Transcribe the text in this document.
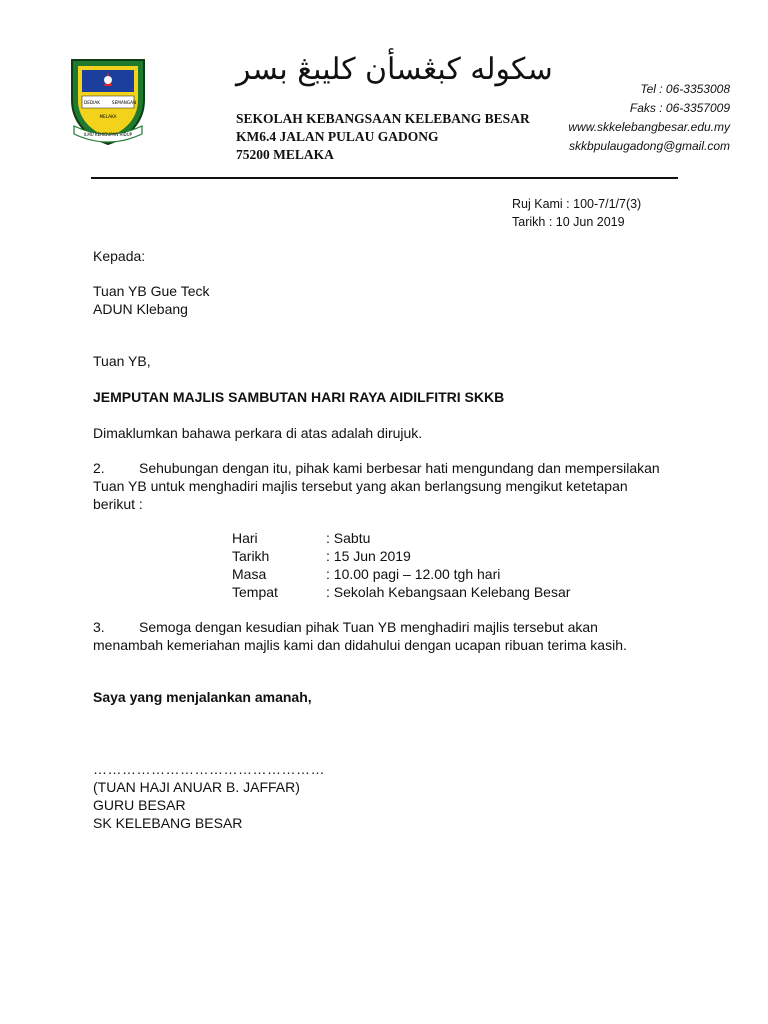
DEDIAK	SEMANGAN
MELAKA
ILMU KEHIDUPAN HIDUP
سكوله كبڠسأن كليبڠ بسر
SEKOLAH KEBANGSAAN KELEBANG BESAR
KM6.4 JALAN PULAU GADONG
75200 MELAKA
Tel : 06-3353008
Faks : 06-3357009
www.skkelebangbesar.edu.my
skkbpulaugadong@gmail.com
Ruj Kami : 100-7/1/7(3)
Tarikh : 10 Jun 2019
Kepada:
Tuan YB Gue Teck
ADUN Klebang
Tuan YB,
JEMPUTAN MAJLIS SAMBUTAN HARI RAYA AIDILFITRI SKKB
Dimaklumkan bahawa perkara di atas adalah dirujuk.
2. Sehubungan dengan itu, pihak kami berbesar hati mengundang dan mempersilakan
Tuan YB untuk menghadiri majlis tersebut yang akan berlangsung mengikut ketetapan
berikut :
Hari	: Sabtu
Tarikh	: 15 Jun 2019
Masa	: 10.00 pagi – 12.00 tgh hari
Tempat	: Sekolah Kebangsaan Kelebang Besar
3. Semoga dengan kesudian pihak Tuan YB menghadiri majlis tersebut akan
menambah kemeriahan majlis kami dan didahului dengan ucapan ribuan terima kasih.
Saya yang menjalankan amanah,
…………………………………………
(TUAN HAJI ANUAR B. JAFFAR)
GURU BESAR
SK KELEBANG BESAR
